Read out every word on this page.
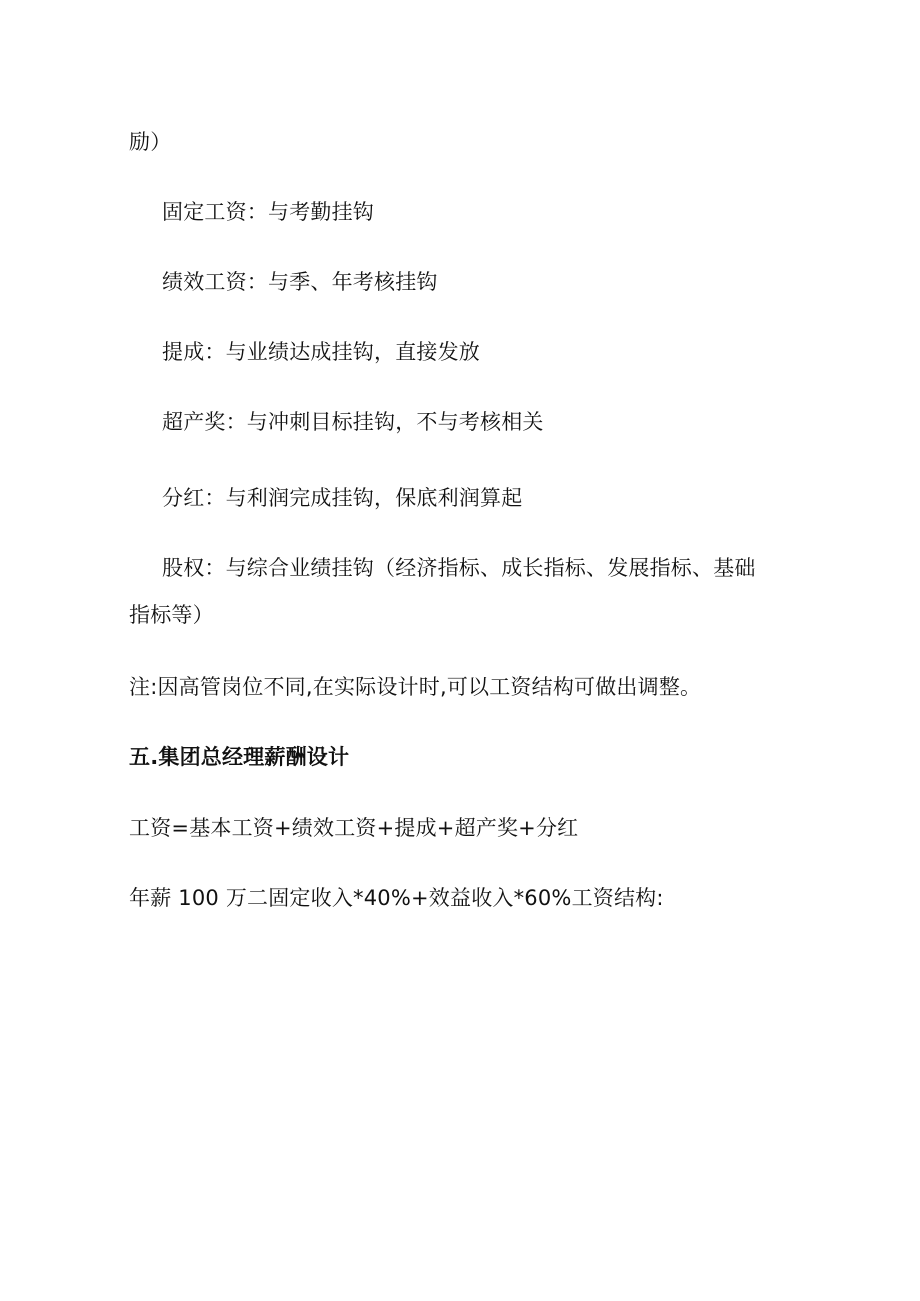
励）
固定工资：与考勤挂钩
绩效工资：与季、年考核挂钩
提成：与业绩达成挂钩，直接发放
超产奖：与冲刺目标挂钩，不与考核相关
分红：与利润完成挂钩，保底利润算起
股权：与综合业绩挂钩（经济指标、成长指标、发展指标、基础
指标等）
注:因高管岗位不同,在实际设计时,可以工资结构可做出调整。
五.集团总经理薪酬设计
工资=基本工资+绩效工资+提成+超产奖+分红
年薪 100 万二固定收入*40%+效益收入*60%工资结构:
